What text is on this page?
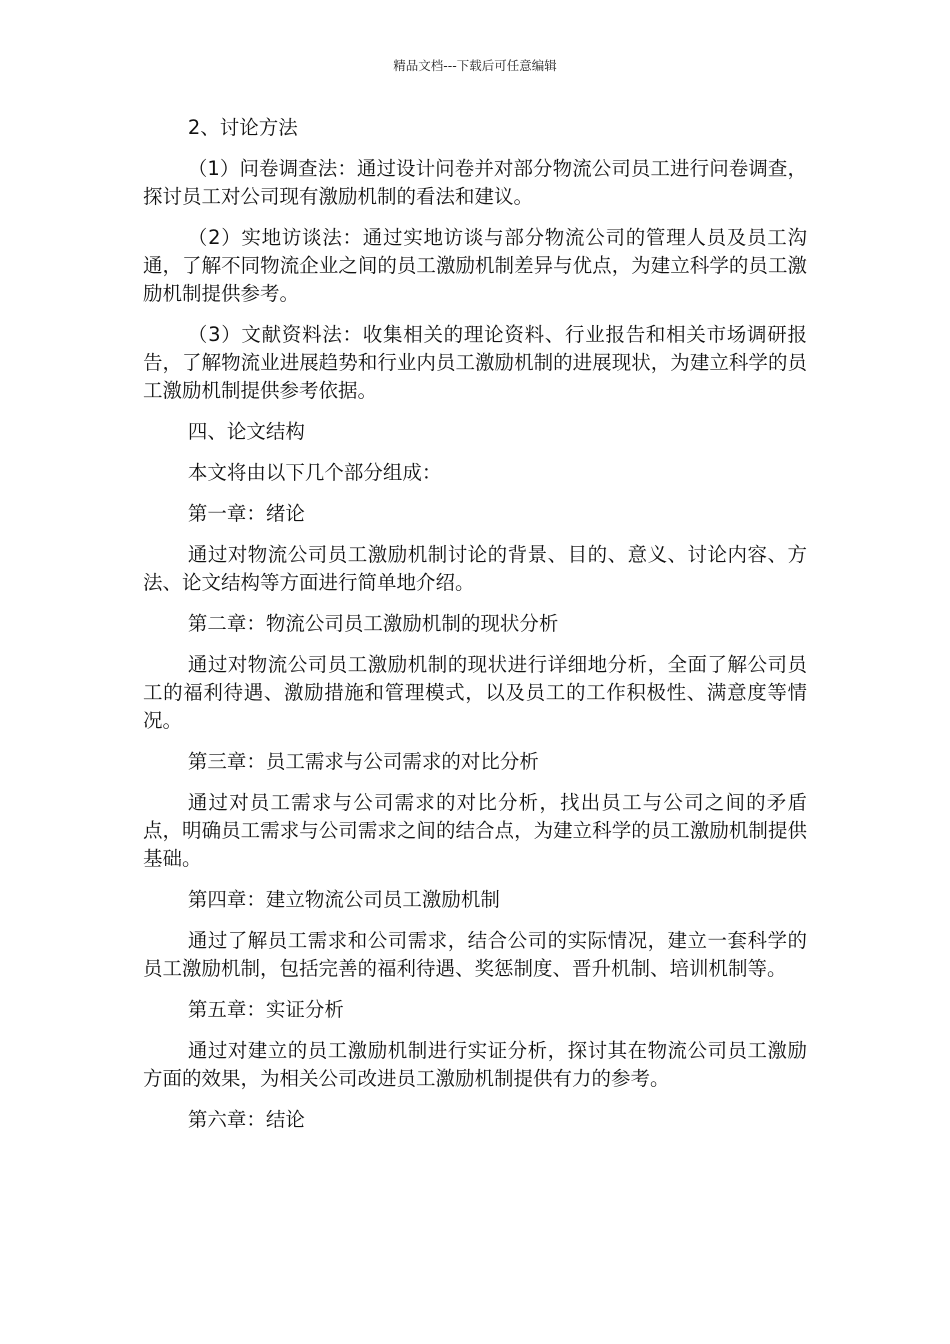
精品文档---下载后可任意编辑

2、讨论方法

（1）问卷调查法：通过设计问卷并对部分物流公司员工进行问卷调查，探讨员工对公司现有激励机制的看法和建议。

（2）实地访谈法：通过实地访谈与部分物流公司的管理人员及员工沟通，了解不同物流企业之间的员工激励机制差异与优点，为建立科学的员工激励机制提供参考。

（3）文献资料法：收集相关的理论资料、行业报告和相关市场调研报告，了解物流业进展趋势和行业内员工激励机制的进展现状，为建立科学的员工激励机制提供参考依据。

四、论文结构

本文将由以下几个部分组成：

第一章：绪论

通过对物流公司员工激励机制讨论的背景、目的、意义、讨论内容、方法、论文结构等方面进行简单地介绍。

第二章：物流公司员工激励机制的现状分析

通过对物流公司员工激励机制的现状进行详细地分析，全面了解公司员工的福利待遇、激励措施和管理模式，以及员工的工作积极性、满意度等情况。

第三章：员工需求与公司需求的对比分析

通过对员工需求与公司需求的对比分析，找出员工与公司之间的矛盾点，明确员工需求与公司需求之间的结合点，为建立科学的员工激励机制提供基础。

第四章：建立物流公司员工激励机制

通过了解员工需求和公司需求，结合公司的实际情况，建立一套科学的员工激励机制，包括完善的福利待遇、奖惩制度、晋升机制、培训机制等。

第五章：实证分析

通过对建立的员工激励机制进行实证分析，探讨其在物流公司员工激励方面的效果，为相关公司改进员工激励机制提供有力的参考。

第六章：结论
